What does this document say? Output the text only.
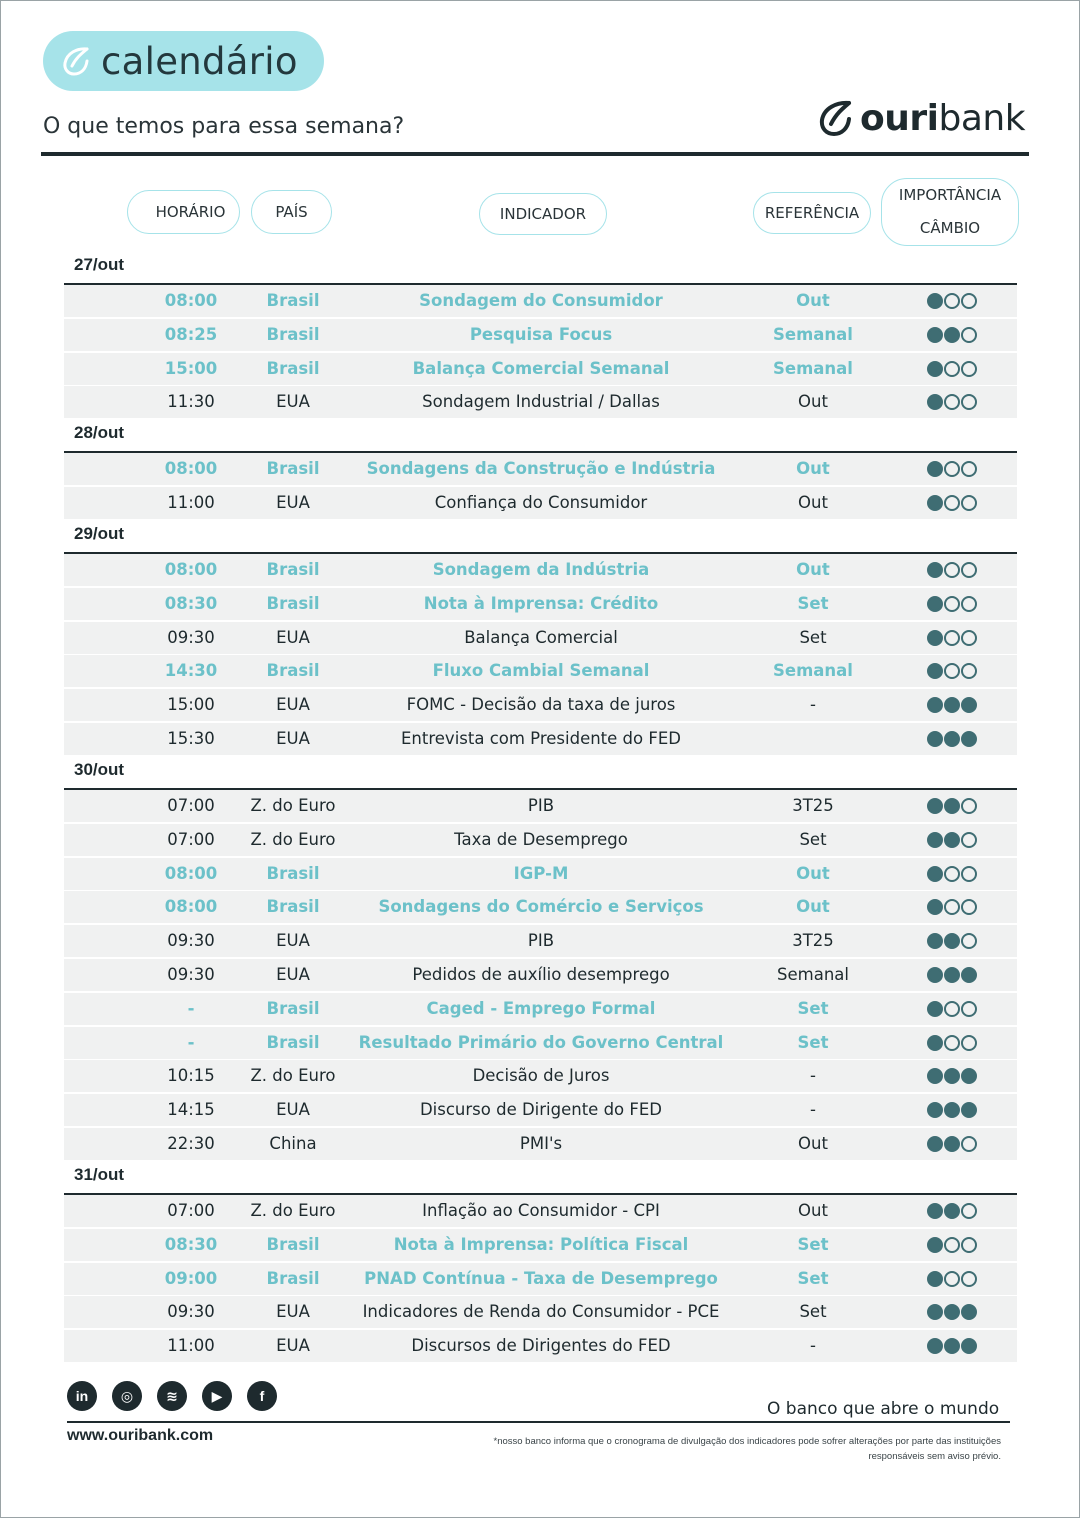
calendário
O que temos para essa semana?	ouribank
HORÁRIO	PAÍS	INDICADOR	REFERÊNCIA
IMPORTÂNCIA
CÂMBIO
27/out
08:00	Brasil	Sondagem do Consumidor	Out
08:25	Brasil	Pesquisa Focus	Semanal
15:00	Brasil	Balança Comercial Semanal	Semanal
11:30	EUA	Sondagem Industrial / Dallas	Out
28/out
08:00	Brasil	Sondagens da Construção e Indústria	Out
11:00	EUA	Confiança do Consumidor	Out
29/out
08:00	Brasil	Sondagem da Indústria	Out
08:30	Brasil	Nota à Imprensa: Crédito	Set
09:30	EUA	Balança Comercial	Set
14:30	Brasil	Fluxo Cambial Semanal	Semanal
15:00	EUA	FOMC - Decisão da taxa de juros	-
15:30	EUA	Entrevista com Presidente do FED
30/out
07:00	Z. do Euro	PIB	3T25
07:00	Z. do Euro	Taxa de Desemprego	Set
08:00	Brasil	IGP-M	Out
08:00	Brasil	Sondagens do Comércio e Serviços	Out
09:30	EUA	PIB	3T25
09:30	EUA	Pedidos de auxílio desemprego	Semanal
-	Brasil	Caged - Emprego Formal	Set
-	Brasil	Resultado Primário do Governo Central	Set
10:15	Z. do Euro	Decisão de Juros	-
14:15	EUA	Discurso de Dirigente do FED	-
22:30	China	PMI's	Out
31/out
07:00	Z. do Euro	Inflação ao Consumidor - CPI	Out
08:30	Brasil	Nota à Imprensa: Política Fiscal	Set
09:00	Brasil	PNAD Contínua - Taxa de Desemprego	Set
09:30	EUA	Indicadores de Renda do Consumidor - PCE	Set
11:00	EUA	Discursos de Dirigentes do FED	-
in	◎	≋	▶	f
O banco que abre o mundo
www.ouribank.com	*nosso banco informa que o cronograma de divulgação dos indicadores pode sofrer alterações por parte das instituições
responsáveis sem aviso prévio.
